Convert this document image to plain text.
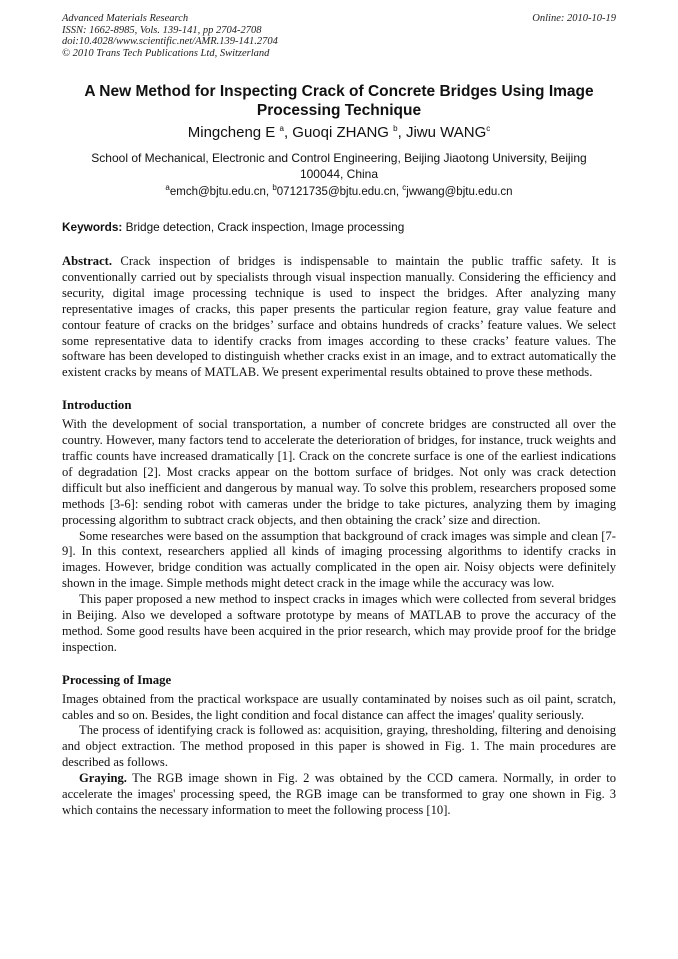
Advanced Materials Research
ISSN: 1662-8985, Vols. 139-141, pp 2704-2708
doi:10.4028/www.scientific.net/AMR.139-141.2704
© 2010 Trans Tech Publications Ltd, Switzerland
Online: 2010-10-19
A New Method for Inspecting Crack of Concrete Bridges Using Image
Processing Technique
Mingcheng E $^a$, Guoqi ZHANG $^b$, Jiwu WANG$^c$
School of Mechanical, Electronic and Control Engineering, Beijing Jiaotong University, Beijing
100044, China
$^a$emch@bjtu.edu.cn, $^b$07121735@bjtu.edu.cn, $^c$jwwang@bjtu.edu.cn
Keywords: Bridge detection, Crack inspection, Image processing

Abstract. Crack inspection of bridges is indispensable to maintain the public traffic safety. It is conventionally carried out by specialists through visual inspection manually. Considering the efficiency and security, digital image processing technique is used to inspect the bridges. After analyzing many representative images of cracks, this paper presents the particular region feature, gray value feature and contour feature of cracks on the bridges’ surface and obtains hundreds of cracks’ feature values. We select some representative data to identify cracks from images according to these cracks’ feature values. The software has been developed to distinguish whether cracks exist in an image, and to extract automatically the existent cracks by means of MATLAB. We present experimental results obtained to prove these methods.

Introduction

With the development of social transportation, a number of concrete bridges are constructed all over the country. However, many factors tend to accelerate the deterioration of bridges, for instance, truck weights and traffic counts have increased dramatically [1]. Crack on the concrete surface is one of the earliest indications of degradation [2]. Most cracks appear on the bottom surface of bridges. Not only was crack detection difficult but also inefficient and dangerous by manual way. To solve this problem, researchers proposed some methods [3-6]: sending robot with cameras under the bridge to take pictures, analyzing them by imaging processing algorithm to subtract crack objects, and then obtaining the crack’ size and direction.

Some researches were based on the assumption that background of crack images was simple and clean [7-9]. In this context, researchers applied all kinds of imaging processing algorithms to identify cracks in images. However, bridge condition was actually complicated in the open air. Noisy objects were definitely shown in the image. Simple methods might detect crack in the image while the accuracy was low.

This paper proposed a new method to inspect cracks in images which were collected from several bridges in Beijing. Also we developed a software prototype by means of MATLAB to prove the accuracy of the method. Some good results have been acquired in the prior research, which may provide proof for the bridge inspection.

Processing of Image

Images obtained from the practical workspace are usually contaminated by noises such as oil paint, scratch, cables and so on. Besides, the light condition and focal distance can affect the images' quality seriously.

The process of identifying crack is followed as: acquisition, graying, thresholding, filtering and denoising and object extraction. The method proposed in this paper is showed in Fig. 1. The main procedures are described as follows.

Graying. The RGB image shown in Fig. 2 was obtained by the CCD camera. Normally, in order to accelerate the images' processing speed, the RGB image can be transformed to gray one shown in Fig. 3 which contains the necessary information to meet the following process [10].
